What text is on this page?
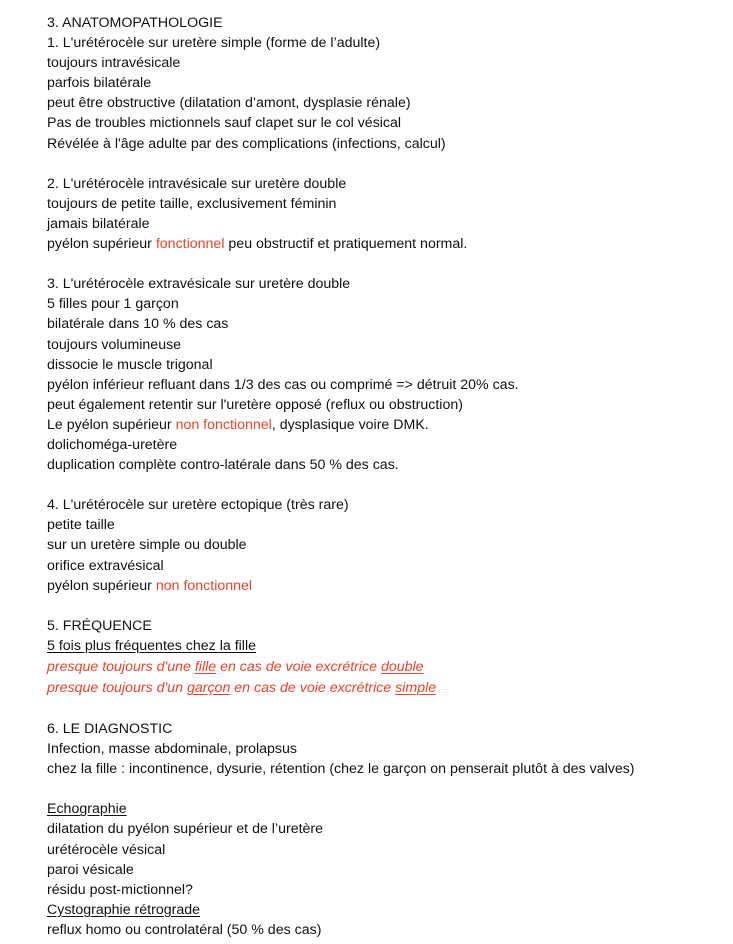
3. ANATOMOPATHOLOGIE
1. L'urétérocèle sur uretère simple (forme de l’adulte)
toujours intravésicale
parfois bilatérale
peut être obstructive (dilatation d’amont, dysplasie rénale)
Pas de troubles mictionnels sauf clapet sur le col vésical
Révélée à l'âge adulte par des complications (infections, calcul)
2. L'urétérocèle intravésicale sur uretère double
toujours de petite taille, exclusivement féminin
jamais bilatérale
pyélon supérieur fonctionnel peu obstructif et pratiquement normal.
3. L'urétérocèle extravésicale sur uretère double
5 filles pour 1 garçon
bilatérale dans 10 % des cas
toujours volumineuse
dissocie le muscle trigonal
pyélon inférieur refluant dans 1/3 des cas ou comprimé => détruit 20% cas.
peut également retentir sur l'uretère opposé (reflux ou obstruction)
Le pyélon supérieur non fonctionnel, dysplasique voire DMK.
dolichoméga-uretère
duplication complète contro-latérale dans 50 % des cas.
4. L'urétérocèle sur uretère ectopique (très rare)
petite taille
sur un uretère simple ou double
orifice extravésical
pyélon supérieur non fonctionnel
5. FRÉQUENCE
5 fois plus fréquentes chez la fille
presque toujours d'une fille en cas de voie excrétrice double
presque toujours d'un garçon en cas de voie excrétrice simple
6. LE DIAGNOSTIC
Infection, masse abdominale, prolapsus
chez la fille : incontinence, dysurie, rétention (chez le garçon on penserait plutôt à des valves)
Echographie
dilatation du pyélon supérieur et de l’uretère
urétérocèle vésical
paroi vésicale
résidu post-mictionnel?
Cystographie rétrograde
reflux homo ou controlatéral (50 % des cas)
